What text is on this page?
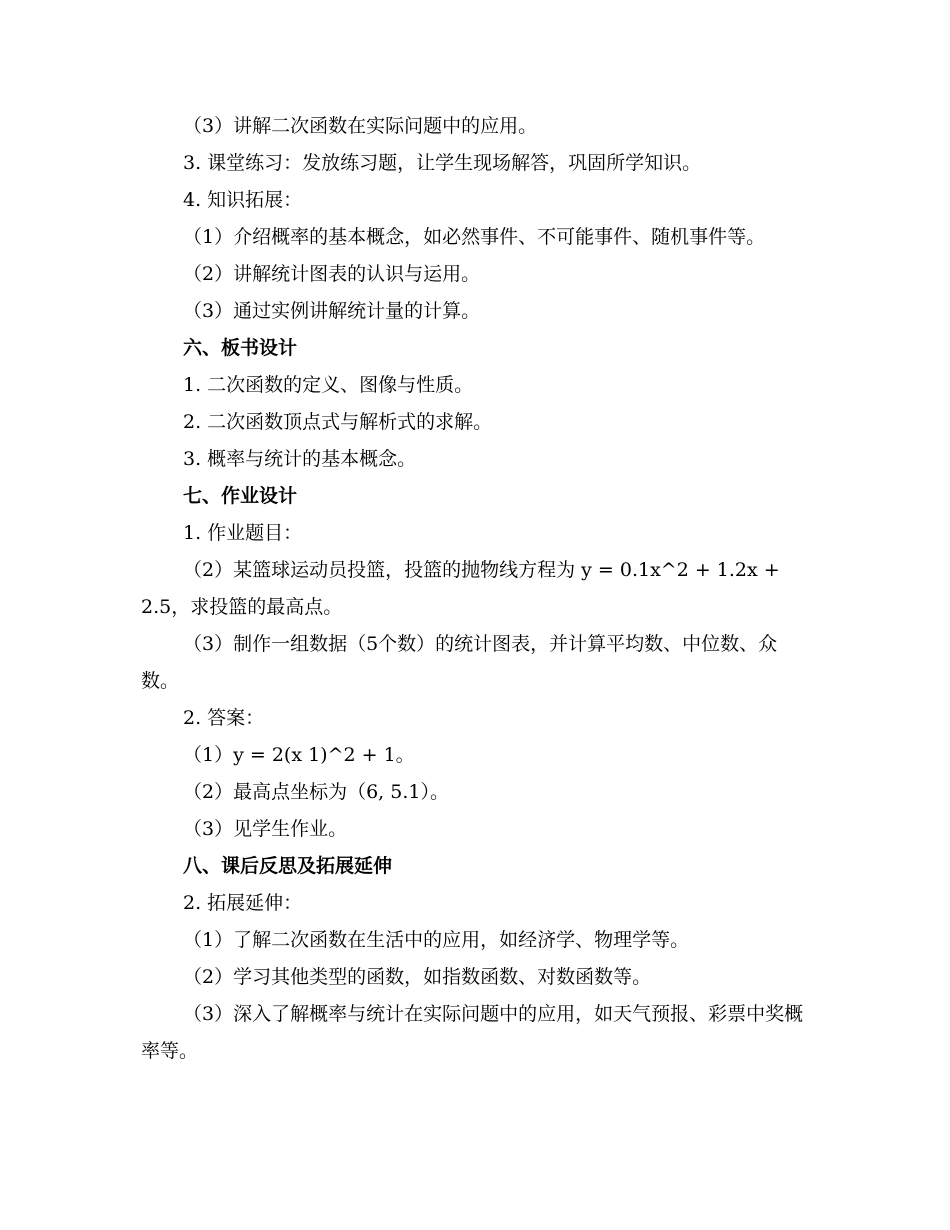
（3）讲解二次函数在实际问题中的应用。

3. 课堂练习：发放练习题，让学生现场解答，巩固所学知识。

4. 知识拓展：

（1）介绍概率的基本概念，如必然事件、不可能事件、随机事件等。

（2）讲解统计图表的认识与运用。

（3）通过实例讲解统计量的计算。

六、板书设计

1. 二次函数的定义、图像与性质。

2. 二次函数顶点式与解析式的求解。

3. 概率与统计的基本概念。

七、作业设计

1. 作业题目：

（2）某篮球运动员投篮，投篮的抛物线方程为 y = 0.1x^2 + 1.2x + 2.5，求投篮的最高点。

（3）制作一组数据（5个数）的统计图表，并计算平均数、中位数、众数。

2. 答案：

（1）y = 2(x 1)^2 + 1。

（2）最高点坐标为（6, 5.1）。

（3）见学生作业。

八、课后反思及拓展延伸

2. 拓展延伸：

（1）了解二次函数在生活中的应用，如经济学、物理学等。

（2）学习其他类型的函数，如指数函数、对数函数等。

（3）深入了解概率与统计在实际问题中的应用，如天气预报、彩票中奖概率等。
